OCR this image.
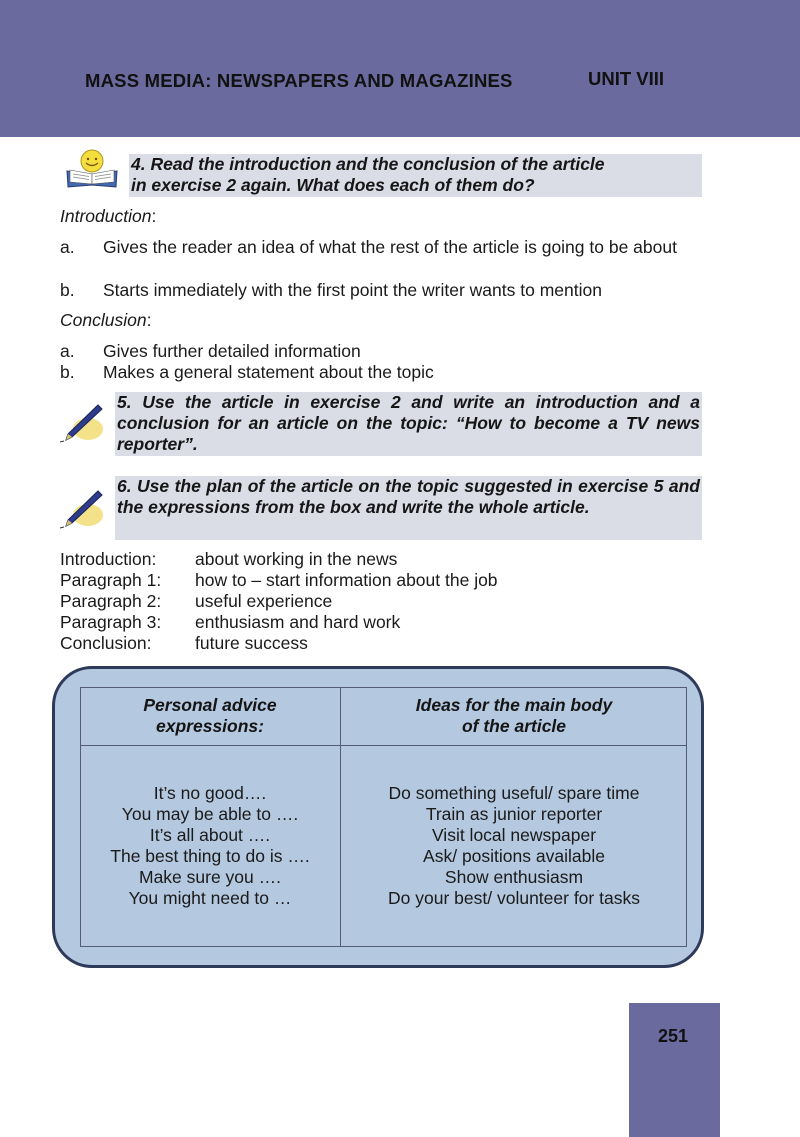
MASS MEDIA: NEWSPAPERS AND MAGAZINES	UNIT VIII
4. Read the introduction and the conclusion of the article
in exercise 2 again. What does each of them do?
Introduction:
a. Gives the reader an idea of what the rest of the article is going to be about
b. Starts immediately with the first point the writer wants to mention
Conclusion:
a. Gives further detailed information
b. Makes a general statement about the topic
5. Use the article in exercise 2 and write an introduction and a conclusion for an article on the topic: “How to become a TV news reporter”.
6. Use the plan of the article on the topic suggested in exercise 5 and the expressions from the box and write the whole article.
Introduction: about working in the news
Paragraph 1: how to – start information about the job
Paragraph 2: useful experience
Paragraph 3: enthusiasm and hard work
Conclusion: future success
Personal advice
expressions:
Ideas for the main body
of the article
It’s no good….
You may be able to ….
It’s all about ….
The best thing to do is ….
Make sure you ….
You might need to …
Do something useful/ spare time
Train as junior reporter
Visit local newspaper
Ask/ positions available
Show enthusiasm
Do your best/ volunteer for tasks
251
